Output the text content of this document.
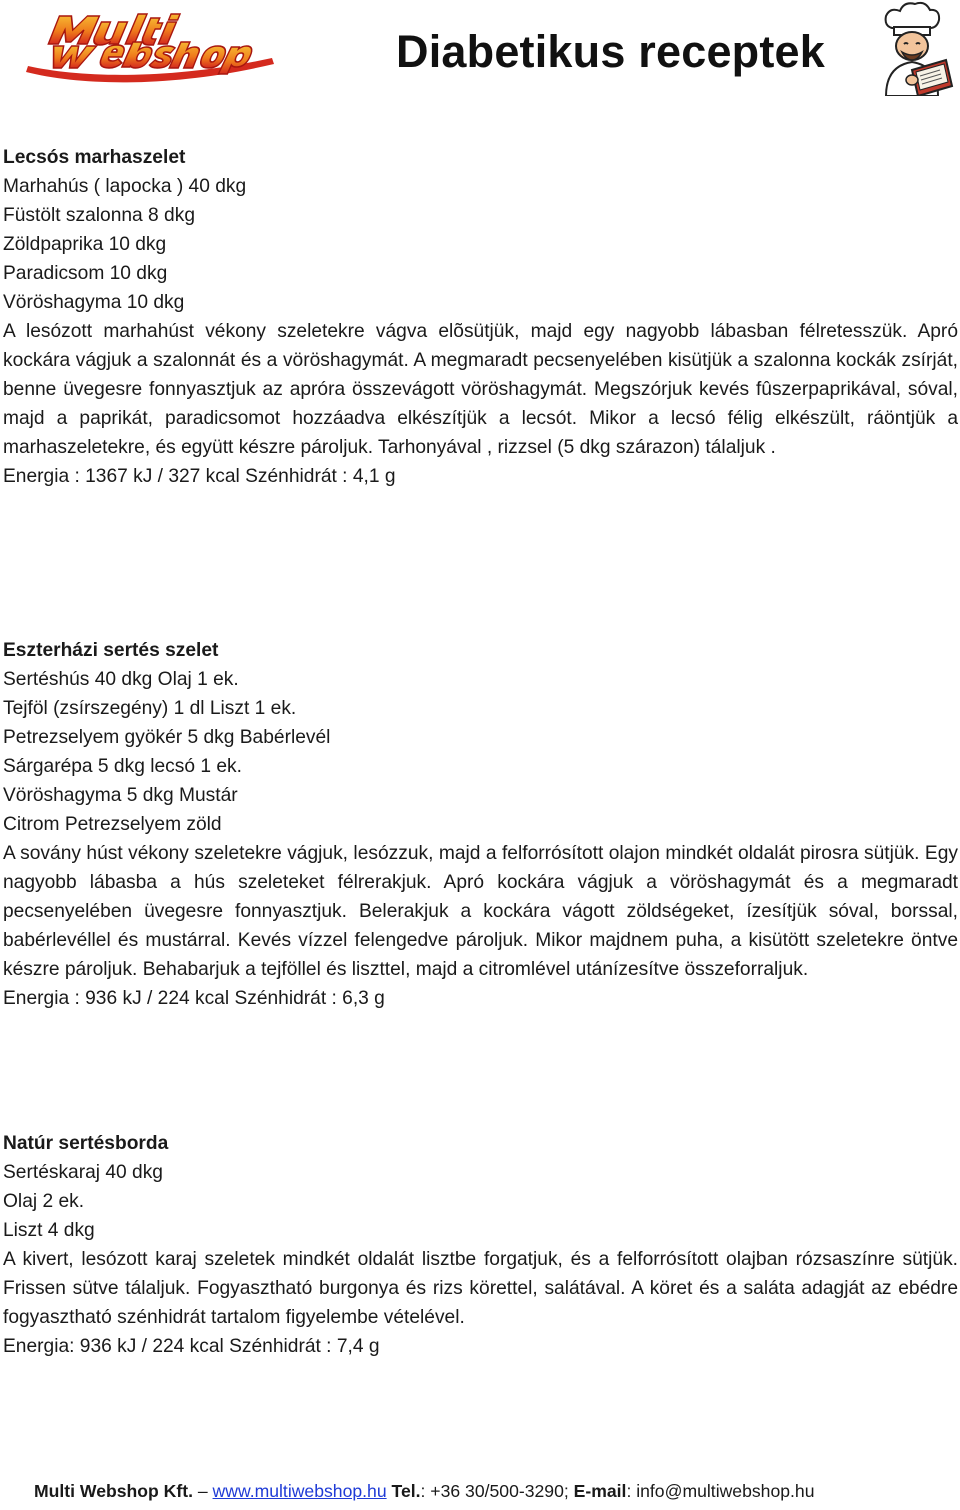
Diabetikus receptek
Lecsós marhaszelet
Marhahús ( lapocka ) 40 dkg
Füstölt szalonna 8 dkg
Zöldpaprika 10 dkg
Paradicsom 10 dkg
Vöröshagyma 10 dkg
A lesózott marhahúst vékony szeletekre vágva elõsütjük, majd egy nagyobb lábasban félretesszük. Apró kockára vágjuk a szalonnát és a vöröshagymát. A megmaradt pecsenyelében kisütjük a szalonna kockák zsírját, benne üvegesre fonnyasztjuk az apróra összevágott vöröshagymát. Megszórjuk kevés fûszerpaprikával, sóval, majd a paprikát, paradicsomot hozzáadva elkészítjük a lecsót. Mikor a lecsó félig elkészült, ráöntjük a marhaszeletekre, és együtt készre pároljuk. Tarhonyával , rizzsel (5 dkg szárazon) tálaljuk .
Energia : 1367 kJ / 327 kcal Szénhidrát : 4,1 g
Eszterházi sertés szelet
Sertéshús 40 dkg Olaj 1 ek.
Tejföl (zsírszegény) 1 dl Liszt 1 ek.
Petrezselyem gyökér 5 dkg Babérlevél
Sárgarépa 5 dkg lecsó 1 ek.
Vöröshagyma 5 dkg Mustár
Citrom Petrezselyem zöld
A sovány húst vékony szeletekre vágjuk, lesózzuk, majd a felforrósított olajon mindkét oldalát pirosra sütjük. Egy nagyobb lábasba a hús szeleteket félrerakjuk. Apró kockára vágjuk a vöröshagymát és a megmaradt pecsenyelében üvegesre fonnyasztjuk. Belerakjuk a kockára vágott zöldségeket, ízesítjük sóval, borssal, babérlevéllel és mustárral. Kevés vízzel felengedve pároljuk. Mikor majdnem puha, a kisütött szeletekre öntve készre pároljuk. Behabarjuk a tejföllel és liszttel, majd a citromlével utánízesítve összeforraljuk.
Energia : 936 kJ / 224 kcal Szénhidrát : 6,3 g
Natúr sertésborda
Sertéskaraj 40 dkg
Olaj 2 ek.
Liszt 4 dkg
A kivert, lesózott karaj szeletek mindkét oldalát lisztbe forgatjuk, és a felforrósított olajban rózsaszínre sütjük. Frissen sütve tálaljuk. Fogyasztható burgonya és rizs körettel, salátával. A köret és a saláta adagját az ebédre fogyasztható szénhidrát tartalom figyelembe vételével.
Energia: 936 kJ / 224 kcal Szénhidrát : 7,4 g
Multi Webshop Kft. – www.multiwebshop.hu Tel.: +36 30/500-3290; E-mail: info@multiwebshop.hu
